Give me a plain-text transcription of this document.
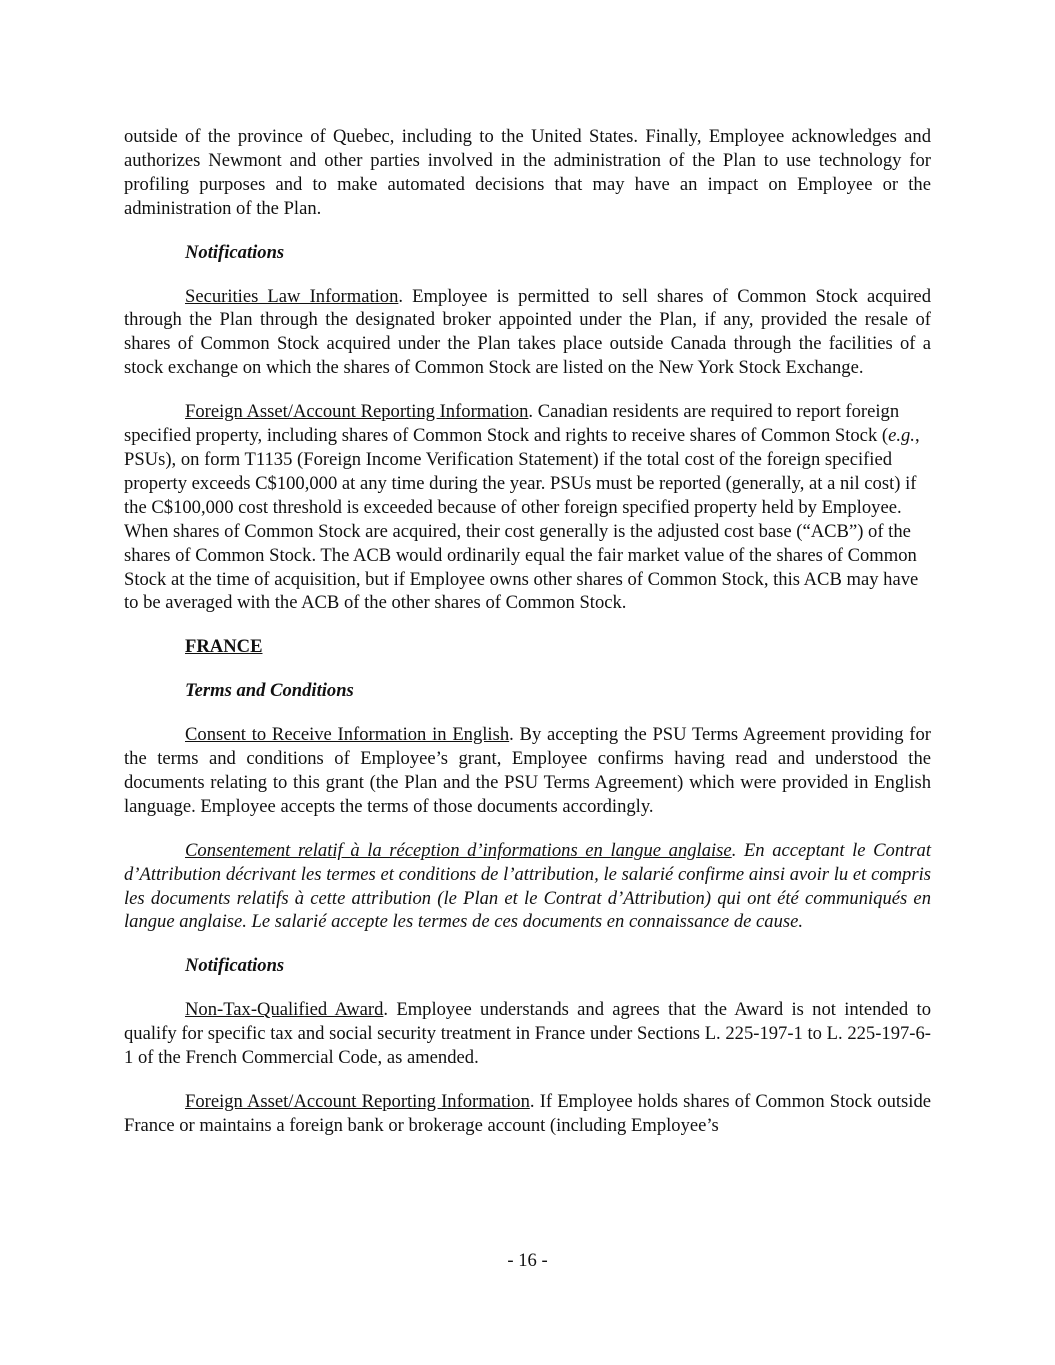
outside of the province of Quebec, including to the United States. Finally, Employee acknowledges and authorizes Newmont and other parties involved in the administration of the Plan to use technology for profiling purposes and to make automated decisions that may have an impact on Employee or the administration of the Plan.

Notifications

Securities Law Information. Employee is permitted to sell shares of Common Stock acquired through the Plan through the designated broker appointed under the Plan, if any, provided the resale of shares of Common Stock acquired under the Plan takes place outside Canada through the facilities of a stock exchange on which the shares of Common Stock are listed on the New York Stock Exchange.

Foreign Asset/Account Reporting Information. Canadian residents are required to report foreign specified property, including shares of Common Stock and rights to receive shares of Common Stock (e.g., PSUs), on form T1135 (Foreign Income Verification Statement) if the total cost of the foreign specified property exceeds C$100,000 at any time during the year. PSUs must be reported (generally, at a nil cost) if the C$100,000 cost threshold is exceeded because of other foreign specified property held by Employee. When shares of Common Stock are acquired, their cost generally is the adjusted cost base (“ACB”) of the shares of Common Stock. The ACB would ordinarily equal the fair market value of the shares of Common Stock at the time of acquisition, but if Employee owns other shares of Common Stock, this ACB may have to be averaged with the ACB of the other shares of Common Stock.

FRANCE

Terms and Conditions

Consent to Receive Information in English. By accepting the PSU Terms Agreement providing for the terms and conditions of Employee’s grant, Employee confirms having read and understood the documents relating to this grant (the Plan and the PSU Terms Agreement) which were provided in English language. Employee accepts the terms of those documents accordingly.

Consentement relatif à la réception d’informations en langue anglaise. En acceptant le Contrat d’Attribution décrivant les termes et conditions de l’attribution, le salarié confirme ainsi avoir lu et compris les documents relatifs à cette attribution (le Plan et le Contrat d’Attribution) qui ont été communiqués en langue anglaise. Le salarié accepte les termes de ces documents en connaissance de cause.

Notifications

Non-Tax-Qualified Award. Employee understands and agrees that the Award is not intended to qualify for specific tax and social security treatment in France under Sections L. 225-197-1 to L. 225-197-6-1 of the French Commercial Code, as amended.

Foreign Asset/Account Reporting Information. If Employee holds shares of Common Stock outside France or maintains a foreign bank or brokerage account (including Employee’s

- 16 -
